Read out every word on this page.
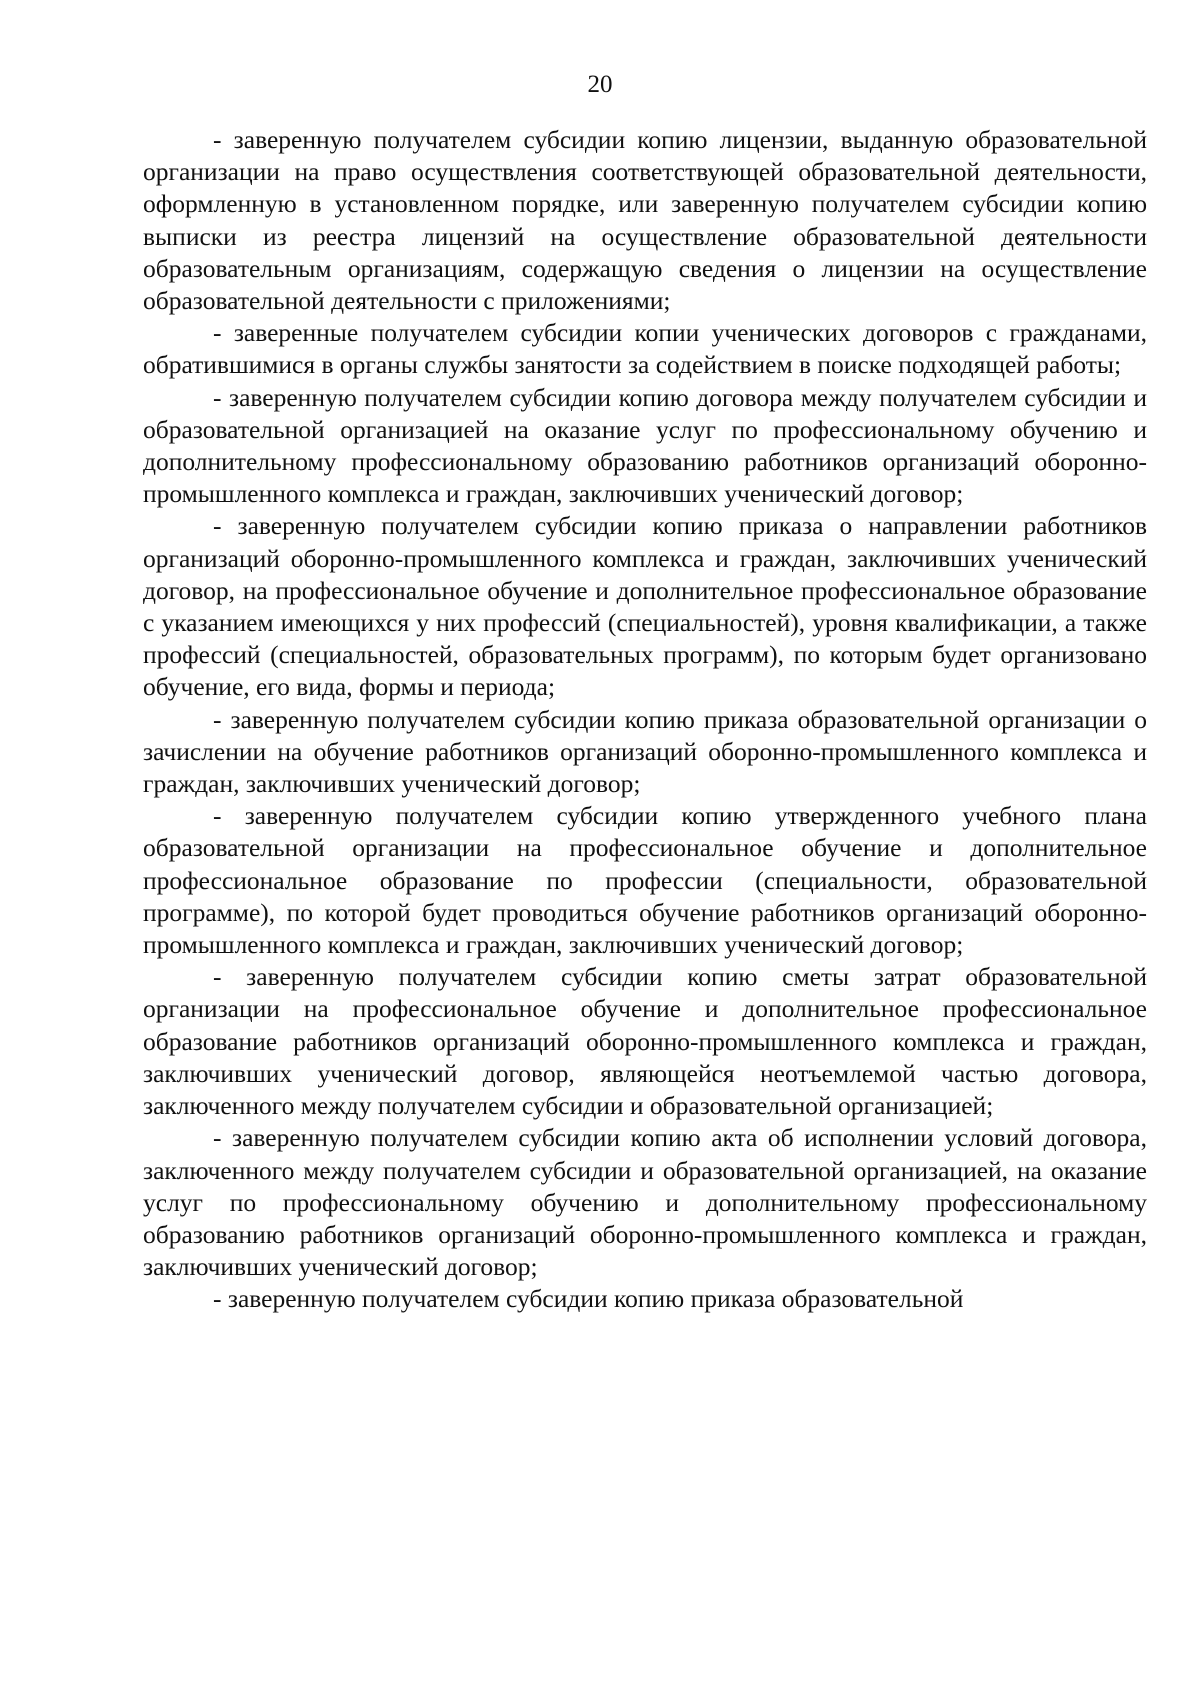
20

- заверенную получателем субсидии копию лицензии, выданную образовательной организации на право осуществления соответствующей образовательной деятельности, оформленную в установленном порядке, или заверенную получателем субсидии копию выписки из реестра лицензий на осуществление образовательной деятельности образовательным организациям, содержащую сведения о лицензии на осуществление образовательной деятельности с приложениями;

- заверенные получателем субсидии копии ученических договоров с гражданами, обратившимися в органы службы занятости за содействием в поиске подходящей работы;

- заверенную получателем субсидии копию договора между получателем субсидии и образовательной организацией на оказание услуг по профессиональному обучению и дополнительному профессиональному образованию работников организаций оборонно-промышленного комплекса и граждан, заключивших ученический договор;

- заверенную получателем субсидии копию приказа о направлении работников организаций оборонно-промышленного комплекса и граждан, заключивших ученический договор, на профессиональное обучение и дополнительное профессиональное образование с указанием имеющихся у них профессий (специальностей), уровня квалификации, а также профессий (специальностей, образовательных программ), по которым будет организовано обучение, его вида, формы и периода;

- заверенную получателем субсидии копию приказа образовательной организации о зачислении на обучение работников организаций оборонно-промышленного комплекса и граждан, заключивших ученический договор;

- заверенную получателем субсидии копию утвержденного учебного плана образовательной организации на профессиональное обучение и дополнительное профессиональное образование по профессии (специальности, образовательной программе), по которой будет проводиться обучение работников организаций оборонно-промышленного комплекса и граждан, заключивших ученический договор;

- заверенную получателем субсидии копию сметы затрат образовательной организации на профессиональное обучение и дополнительное профессиональное образование работников организаций оборонно-промышленного комплекса и граждан, заключивших ученический договор, являющейся неотъемлемой частью договора, заключенного между получателем субсидии и образовательной организацией;

- заверенную получателем субсидии копию акта об исполнении условий договора, заключенного между получателем субсидии и образовательной организацией, на оказание услуг по профессиональному обучению и дополнительному профессиональному образованию работников организаций оборонно-промышленного комплекса и граждан, заключивших ученический договор;

- заверенную получателем субсидии копию приказа образовательной
